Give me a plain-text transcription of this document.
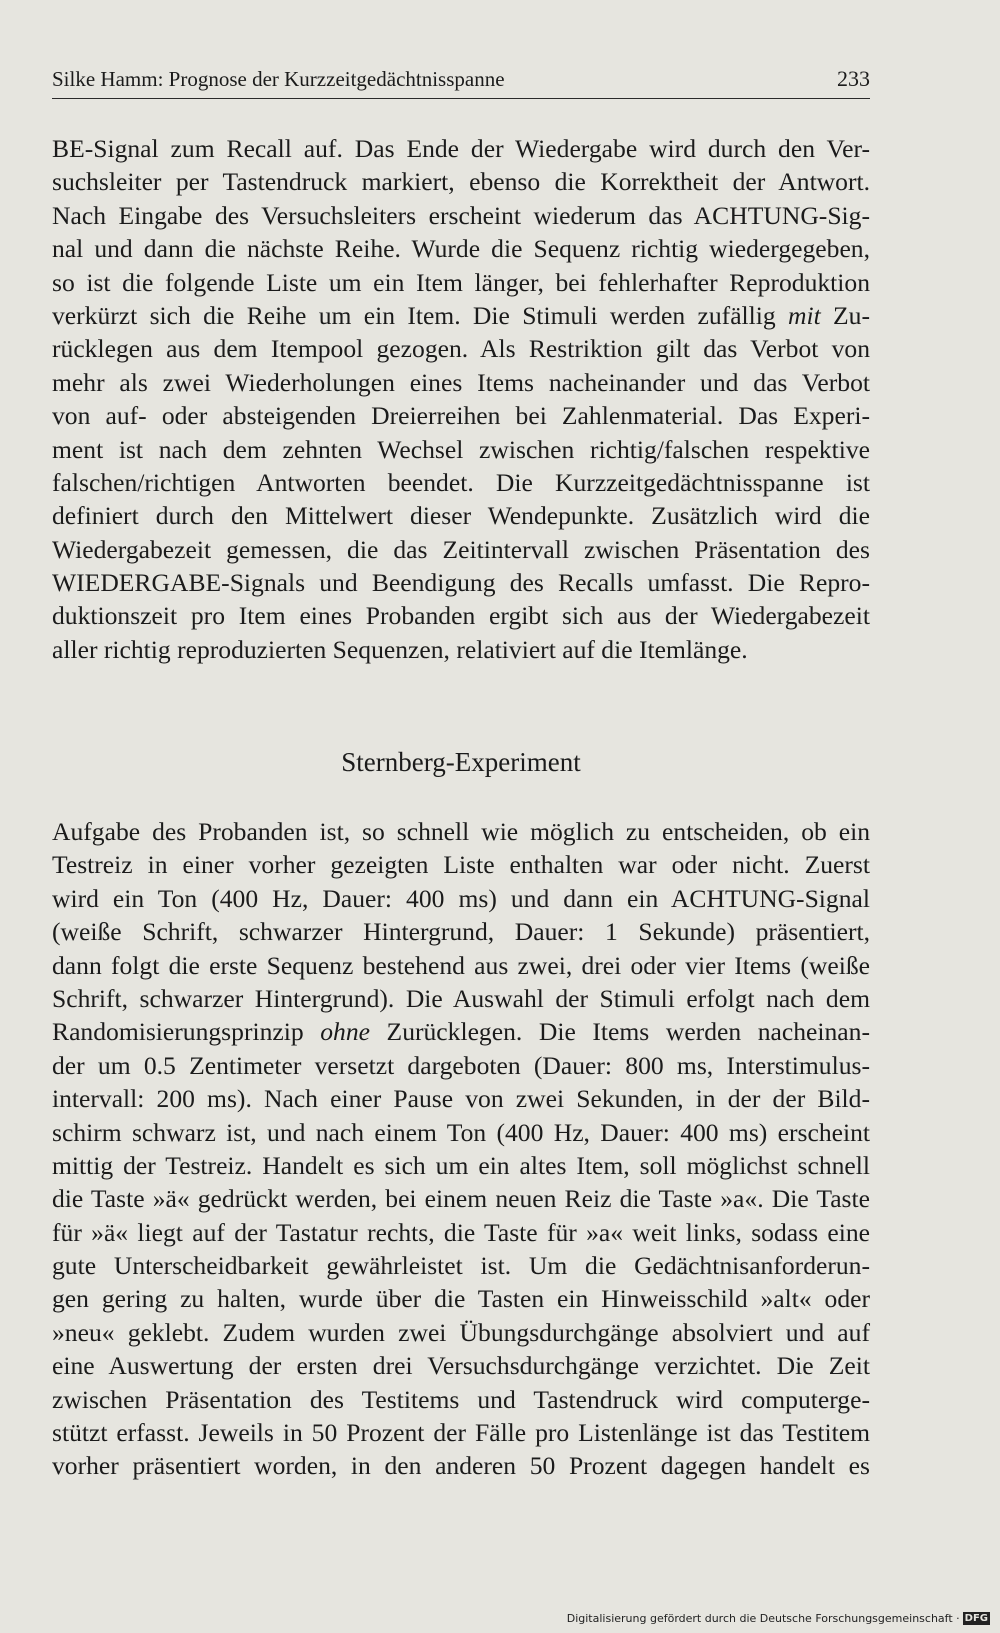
Silke Hamm: Prognose der Kurzzeitgedächtnisspanne	233
BE-Signal zum Recall auf. Das Ende der Wiedergabe wird durch den Ver-
suchsleiter per Tastendruck markiert, ebenso die Korrektheit der Antwort.
Nach Eingabe des Versuchsleiters erscheint wiederum das ACHTUNG-Sig-
nal und dann die nächste Reihe. Wurde die Sequenz richtig wiedergegeben,
so ist die folgende Liste um ein Item länger, bei fehlerhafter Reproduktion
verkürzt sich die Reihe um ein Item. Die Stimuli werden zufällig mit Zu-
rücklegen aus dem Itempool gezogen. Als Restriktion gilt das Verbot von
mehr als zwei Wiederholungen eines Items nacheinander und das Verbot
von auf- oder absteigenden Dreierreihen bei Zahlenmaterial. Das Experi-
ment ist nach dem zehnten Wechsel zwischen richtig/falschen respektive
falschen/richtigen Antworten beendet. Die Kurzzeitgedächtnisspanne ist
definiert durch den Mittelwert dieser Wendepunkte. Zusätzlich wird die
Wiedergabezeit gemessen, die das Zeitintervall zwischen Präsentation des
WIEDERGABE-Signals und Beendigung des Recalls umfasst. Die Repro-
duktionszeit pro Item eines Probanden ergibt sich aus der Wiedergabezeit
aller richtig reproduzierten Sequenzen, relativiert auf die Itemlänge.
Sternberg-Experiment
Aufgabe des Probanden ist, so schnell wie möglich zu entscheiden, ob ein
Testreiz in einer vorher gezeigten Liste enthalten war oder nicht. Zuerst
wird ein Ton (400 Hz, Dauer: 400 ms) und dann ein ACHTUNG-Signal
(weiße Schrift, schwarzer Hintergrund, Dauer: 1 Sekunde) präsentiert,
dann folgt die erste Sequenz bestehend aus zwei, drei oder vier Items (weiße
Schrift, schwarzer Hintergrund). Die Auswahl der Stimuli erfolgt nach dem
Randomisierungsprinzip ohne Zurücklegen. Die Items werden nacheinan-
der um 0.5 Zentimeter versetzt dargeboten (Dauer: 800 ms, Interstimulus-
intervall: 200 ms). Nach einer Pause von zwei Sekunden, in der der Bild-
schirm schwarz ist, und nach einem Ton (400 Hz, Dauer: 400 ms) erscheint
mittig der Testreiz. Handelt es sich um ein altes Item, soll möglichst schnell
die Taste »ä« gedrückt werden, bei einem neuen Reiz die Taste »a«. Die Taste
für »ä« liegt auf der Tastatur rechts, die Taste für »a« weit links, sodass eine
gute Unterscheidbarkeit gewährleistet ist. Um die Gedächtnisanforderun-
gen gering zu halten, wurde über die Tasten ein Hinweisschild »alt« oder
»neu« geklebt. Zudem wurden zwei Übungsdurchgänge absolviert und auf
eine Auswertung der ersten drei Versuchsdurchgänge verzichtet. Die Zeit
zwischen Präsentation des Testitems und Tastendruck wird computerge-
stützt erfasst. Jeweils in 50 Prozent der Fälle pro Listenlänge ist das Testitem
vorher präsentiert worden, in den anderen 50 Prozent dagegen handelt es
Digitalisierung gefördert durch die Deutsche Forschungsgemeinschaft · DFG
